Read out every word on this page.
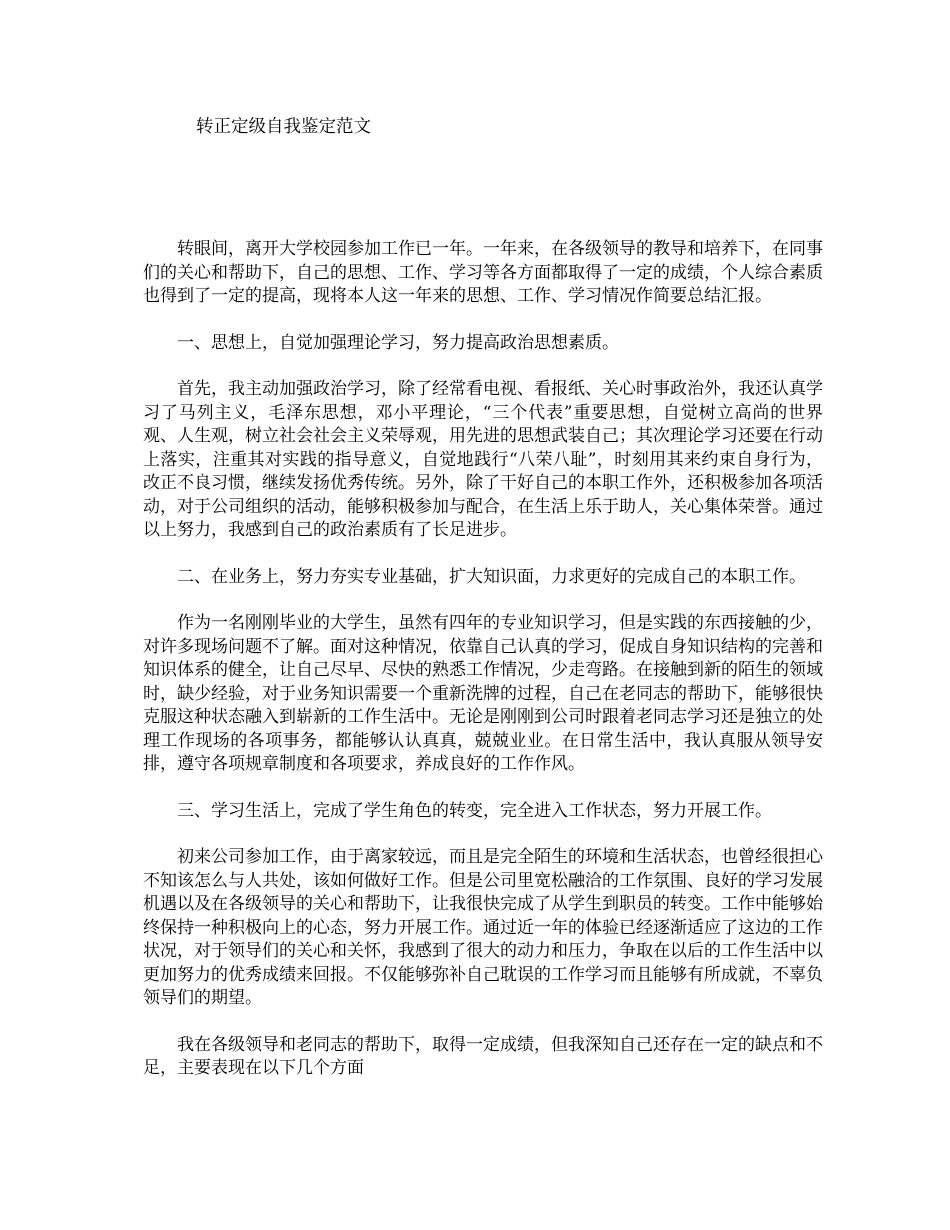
转正定级自我鉴定范文

转眼间，离开大学校园参加工作已一年。一年来，在各级领导的教导和培养下，在同事们的关心和帮助下，自己的思想、工作、学习等各方面都取得了一定的成绩，个人综合素质也得到了一定的提高，现将本人这一年来的思想、工作、学习情况作简要总结汇报。

一、思想上，自觉加强理论学习，努力提高政治思想素质。

首先，我主动加强政治学习，除了经常看电视、看报纸、关心时事政治外，我还认真学习了马列主义，毛泽东思想，邓小平理论，“三个代表”重要思想，自觉树立高尚的世界观、人生观，树立社会社会主义荣辱观，用先进的思想武装自己；其次理论学习还要在行动上落实，注重其对实践的指导意义，自觉地践行“八荣八耻”，时刻用其来约束自身行为，改正不良习惯，继续发扬优秀传统。另外，除了干好自己的本职工作外，还积极参加各项活动，对于公司组织的活动，能够积极参加与配合，在生活上乐于助人，关心集体荣誉。通过以上努力，我感到自己的政治素质有了长足进步。

二、在业务上，努力夯实专业基础，扩大知识面，力求更好的完成自己的本职工作。

作为一名刚刚毕业的大学生，虽然有四年的专业知识学习，但是实践的东西接触的少，对许多现场问题不了解。面对这种情况，依靠自己认真的学习，促成自身知识结构的完善和知识体系的健全，让自己尽早、尽快的熟悉工作情况，少走弯路。在接触到新的陌生的领域时，缺少经验，对于业务知识需要一个重新洗牌的过程，自己在老同志的帮助下，能够很快克服这种状态融入到崭新的工作生活中。无论是刚刚到公司时跟着老同志学习还是独立的处理工作现场的各项事务，都能够认认真真，兢兢业业。在日常生活中，我认真服从领导安排，遵守各项规章制度和各项要求，养成良好的工作作风。

三、学习生活上，完成了学生角色的转变，完全进入工作状态，努力开展工作。

初来公司参加工作，由于离家较远，而且是完全陌生的环境和生活状态，也曾经很担心不知该怎么与人共处，该如何做好工作。但是公司里宽松融洽的工作氛围、良好的学习发展机遇以及在各级领导的关心和帮助下，让我很快完成了从学生到职员的转变。工作中能够始终保持一种积极向上的心态，努力开展工作。通过近一年的体验已经逐渐适应了这边的工作状况，对于领导们的关心和关怀，我感到了很大的动力和压力，争取在以后的工作生活中以更加努力的优秀成绩来回报。不仅能够弥补自己耽误的工作学习而且能够有所成就，不辜负领导们的期望。

我在各级领导和老同志的帮助下，取得一定成绩，但我深知自己还存在一定的缺点和不足，主要表现在以下几个方面
